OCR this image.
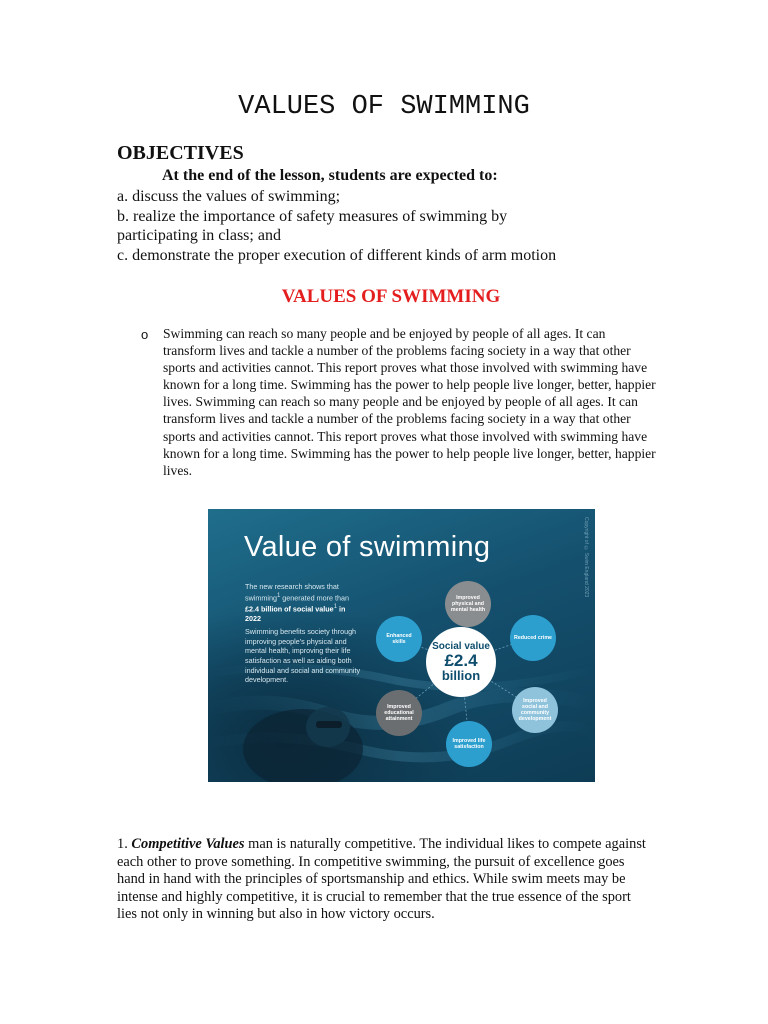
VALUES OF SWIMMING
OBJECTIVES
At the end of the lesson, students are expected to:
a. discuss the values of swimming;
b. realize the importance of safety measures of swimming by
participating in class; and
c. demonstrate the proper execution of different kinds of arm motion
VALUES OF SWIMMING
o Swimming can reach so many people and be enjoyed by people of all ages. It can transform lives and tackle a number of the problems facing society in a way that other sports and activities cannot. This report proves what those involved with swimming have known for a long time. Swimming has the power to help people live longer, better, happier lives. Swimming can reach so many people and be enjoyed by people of all ages. It can transform lives and tackle a number of the problems facing society in a way that other sports and activities cannot. This report proves what those involved with swimming have known for a long time. Swimming has the power to help people live longer, better, happier lives.
Copyright of © Swim England 2023
Value of swimming
The new research shows that swimming$^1$ generated more than £2.4 billion of social value$^1$ in 2022
Swimming benefits society through improving people's physical and mental health, improving their life satisfaction as well as aiding both individual and social and community development.
Improved physical and mental health
Reduced crime
Improved social and community development
Improved life satisfaction
Improved educational attainment
Enhanced skills	Social value
£2.4
billion
1. Competitive Values man is naturally competitive. The individual likes to compete against each other to prove something. In competitive swimming, the pursuit of excellence goes hand in hand with the principles of sportsmanship and ethics. While swim meets may be intense and highly competitive, it is crucial to remember that the true essence of the sport lies not only in winning but also in how victory occurs.
